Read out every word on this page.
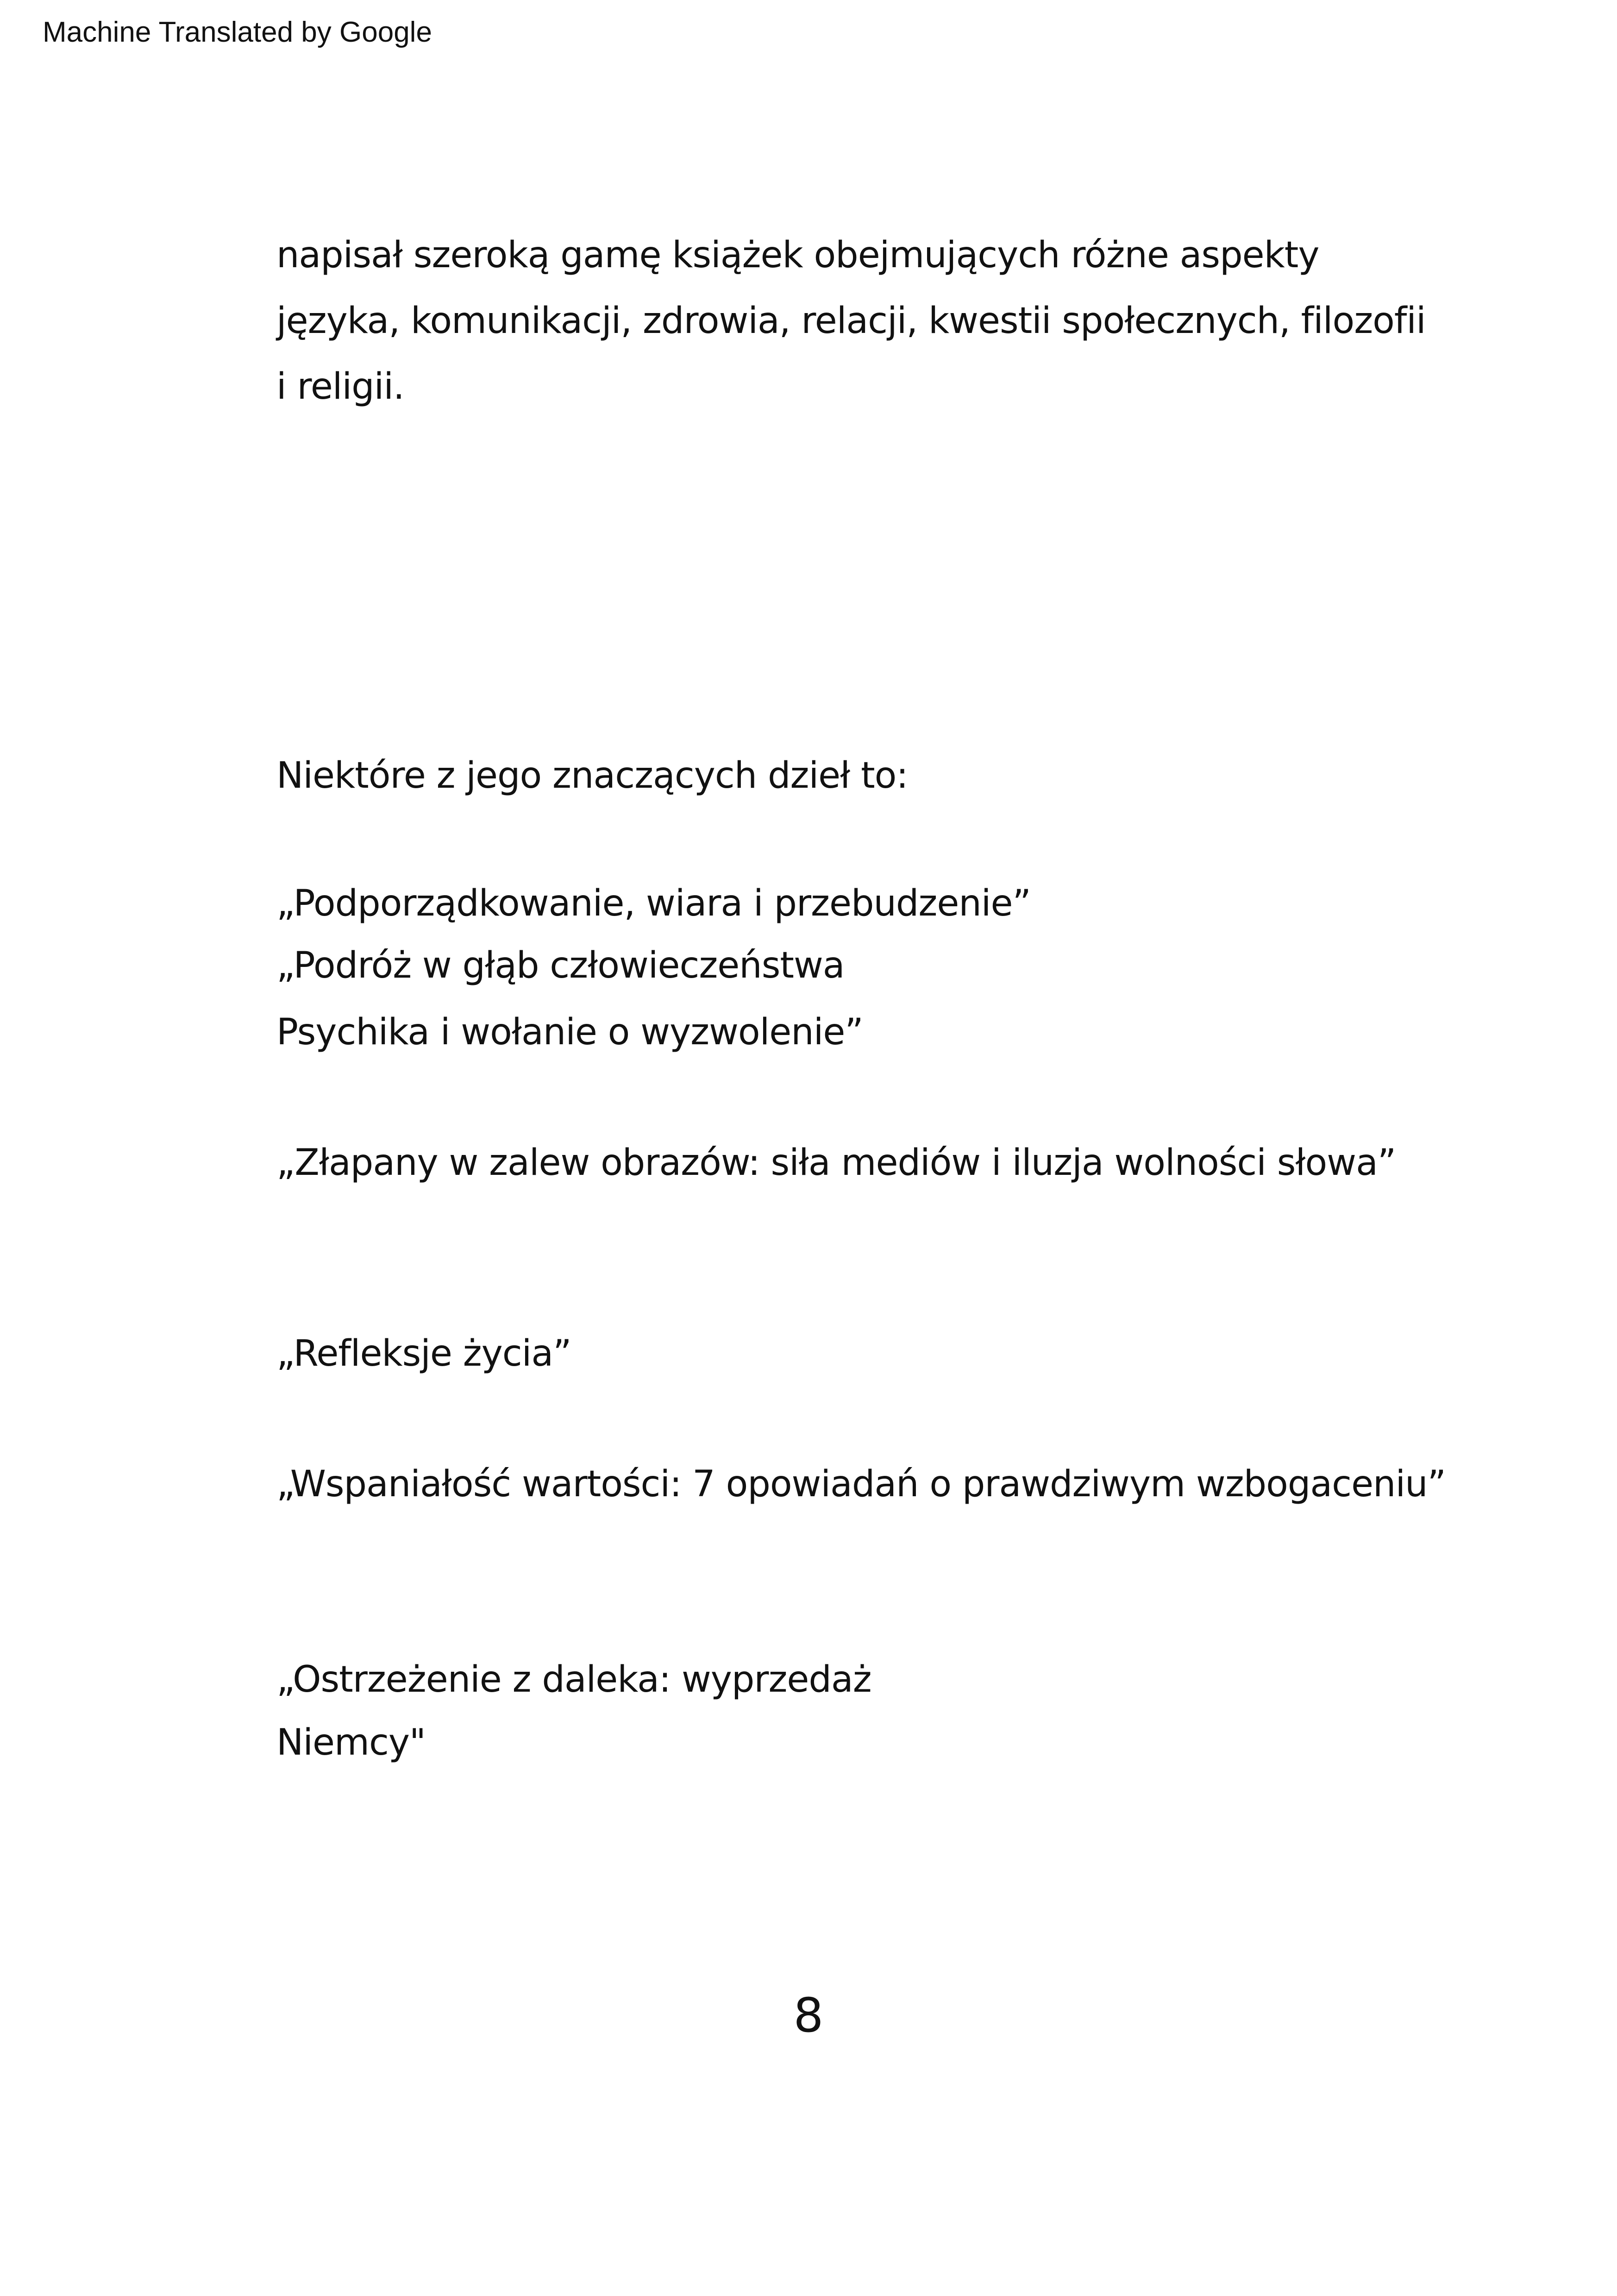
Machine Translated by Google
napisał szeroką gamę książek obejmujących różne aspekty
języka, komunikacji, zdrowia, relacji, kwestii społecznych, filozofii
i religii.
Niektóre z jego znaczących dzieł to:
„Podporządkowanie, wiara i przebudzenie”
„Podróż w głąb człowieczeństwa
Psychika i wołanie o wyzwolenie”
„Złapany w zalew obrazów: siła mediów i iluzja wolności słowa”
„Refleksje życia”
„Wspaniałość wartości: 7 opowiadań o prawdziwym wzbogaceniu”
„Ostrzeżenie z daleka: wyprzedaż
Niemcy"
8
